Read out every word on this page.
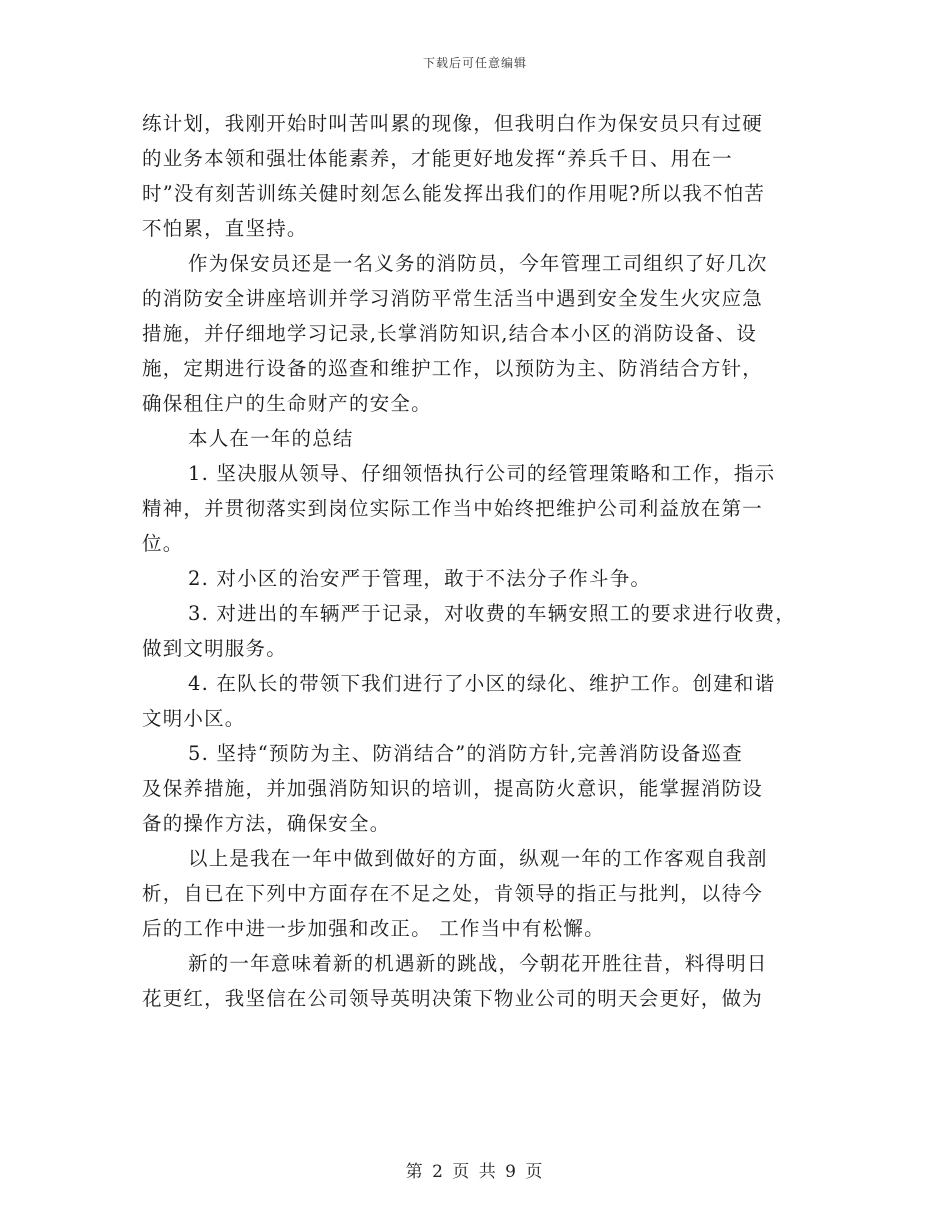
下载后可任意编辑
练计划，我刚开始时叫苦叫累的现像，但我明白作为保安员只有过硬
的业务本领和强壮体能素养，才能更好地发挥“养兵千日、用在一
时”没有刻苦训练关健时刻怎么能发挥出我们的作用呢?所以我不怕苦
不怕累，直坚持。
作为保安员还是一名义务的消防员，今年管理工司组织了好几次
的消防安全讲座培训并学习消防平常生活当中遇到安全发生火灾应急
措施，并仔细地学习记录,长掌消防知识,结合本小区的消防设备、设
施，定期进行设备的巡查和维护工作，以预防为主、防消结合方针，
确保租住户的生命财产的安全。
本人在一年的总结
1. 坚决服从领导、仔细领悟执行公司的经管理策略和工作，指示
精神，并贯彻落实到岗位实际工作当中始终把维护公司利益放在第一
位。
2. 对小区的治安严于管理，敢于不法分子作斗争。
3. 对进出的车辆严于记录，对收费的车辆安照工的要求进行收费，
做到文明服务。
4. 在队长的带领下我们进行了小区的绿化、维护工作。创建和谐
文明小区。
5. 坚持“预防为主、防消结合”的消防方针,完善消防设备巡查
及保养措施，并加强消防知识的培训，提高防火意识，能掌握消防设
备的操作方法，确保安全。
以上是我在一年中做到做好的方面，纵观一年的工作客观自我剖
析，自已在下列中方面存在不足之处，肯领导的指正与批判，以待今
后的工作中进一步加强和改正。 工作当中有松懈。
新的一年意味着新的机遇新的跳战，今朝花开胜往昔，料得明日
花更红，我坚信在公司领导英明决策下物业公司的明天会更好，做为
第 2 页 共 9 页
